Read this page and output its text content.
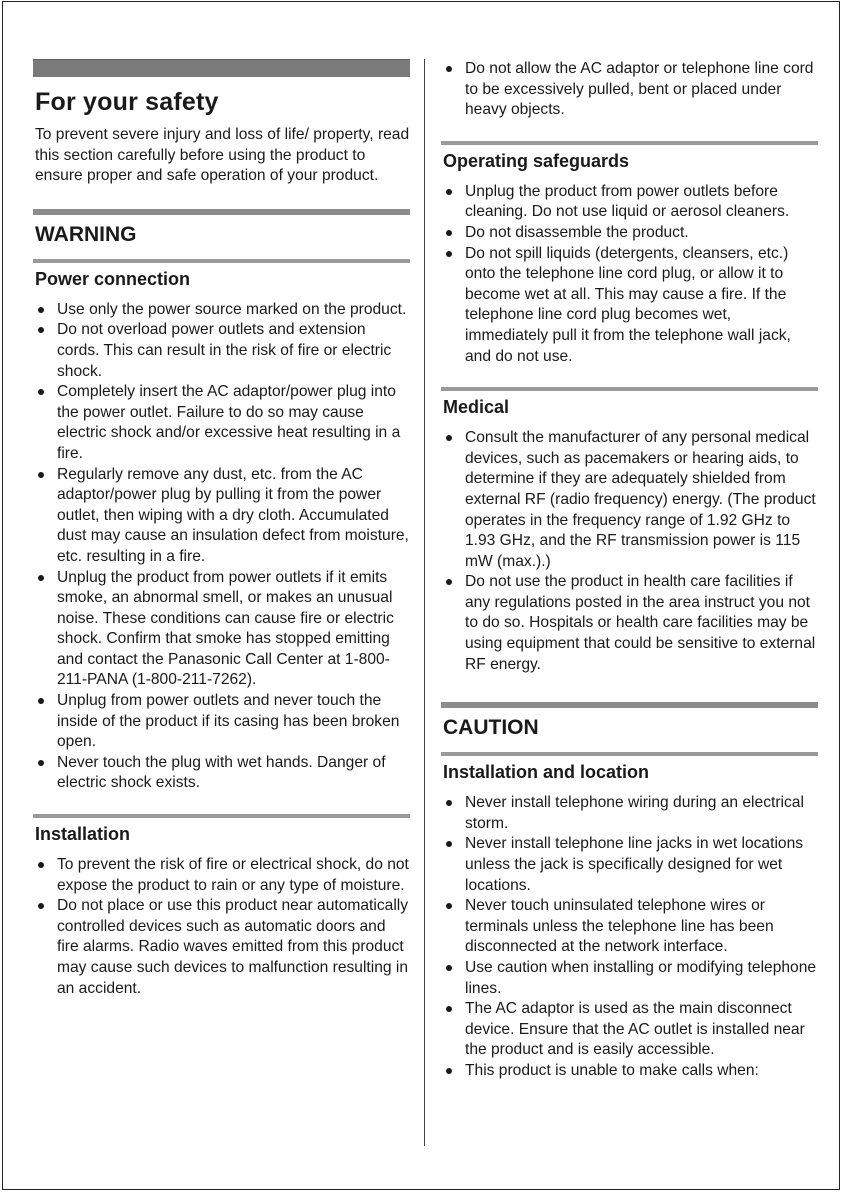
For your safety

To prevent severe injury and loss of life/ property, read this section carefully before using the product to ensure proper and safe operation of your product.

WARNING
Power connection
Use only the power source marked on the product.
Do not overload power outlets and extension cords. This can result in the risk of fire or electric shock.
Completely insert the AC adaptor/power plug into the power outlet. Failure to do so may cause electric shock and/or excessive heat resulting in a fire.
Regularly remove any dust, etc. from the AC adaptor/power plug by pulling it from the power outlet, then wiping with a dry cloth. Accumulated dust may cause an insulation defect from moisture, etc. resulting in a fire.
Unplug the product from power outlets if it emits smoke, an abnormal smell, or makes an unusual noise. These conditions can cause fire or electric shock. Confirm that smoke has stopped emitting and contact the Panasonic Call Center at 1-800-211-PANA (1-800-211-7262).
Unplug from power outlets and never touch the inside of the product if its casing has been broken open.
Never touch the plug with wet hands. Danger of electric shock exists.
Installation
To prevent the risk of fire or electrical shock, do not expose the product to rain or any type of moisture.
Do not place or use this product near automatically controlled devices such as automatic doors and fire alarms. Radio waves emitted from this product may cause such devices to malfunction resulting in an accident.
Do not allow the AC adaptor or telephone line cord to be excessively pulled, bent or placed under heavy objects.
Operating safeguards
Unplug the product from power outlets before cleaning. Do not use liquid or aerosol cleaners.
Do not disassemble the product.
Do not spill liquids (detergents, cleansers, etc.) onto the telephone line cord plug, or allow it to become wet at all. This may cause a fire. If the telephone line cord plug becomes wet, immediately pull it from the telephone wall jack, and do not use.
Medical
Consult the manufacturer of any personal medical devices, such as pacemakers or hearing aids, to determine if they are adequately shielded from external RF (radio frequency) energy. (The product operates in the frequency range of 1.92 GHz to 1.93 GHz, and the RF transmission power is 115 mW (max.).)
Do not use the product in health care facilities if any regulations posted in the area instruct you not to do so. Hospitals or health care facilities may be using equipment that could be sensitive to external RF energy.
CAUTION
Installation and location
Never install telephone wiring during an electrical storm.
Never install telephone line jacks in wet locations unless the jack is specifically designed for wet locations.
Never touch uninsulated telephone wires or terminals unless the telephone line has been disconnected at the network interface.
Use caution when installing or modifying telephone lines.
The AC adaptor is used as the main disconnect device. Ensure that the AC outlet is installed near the product and is easily accessible.
This product is unable to make calls when:
